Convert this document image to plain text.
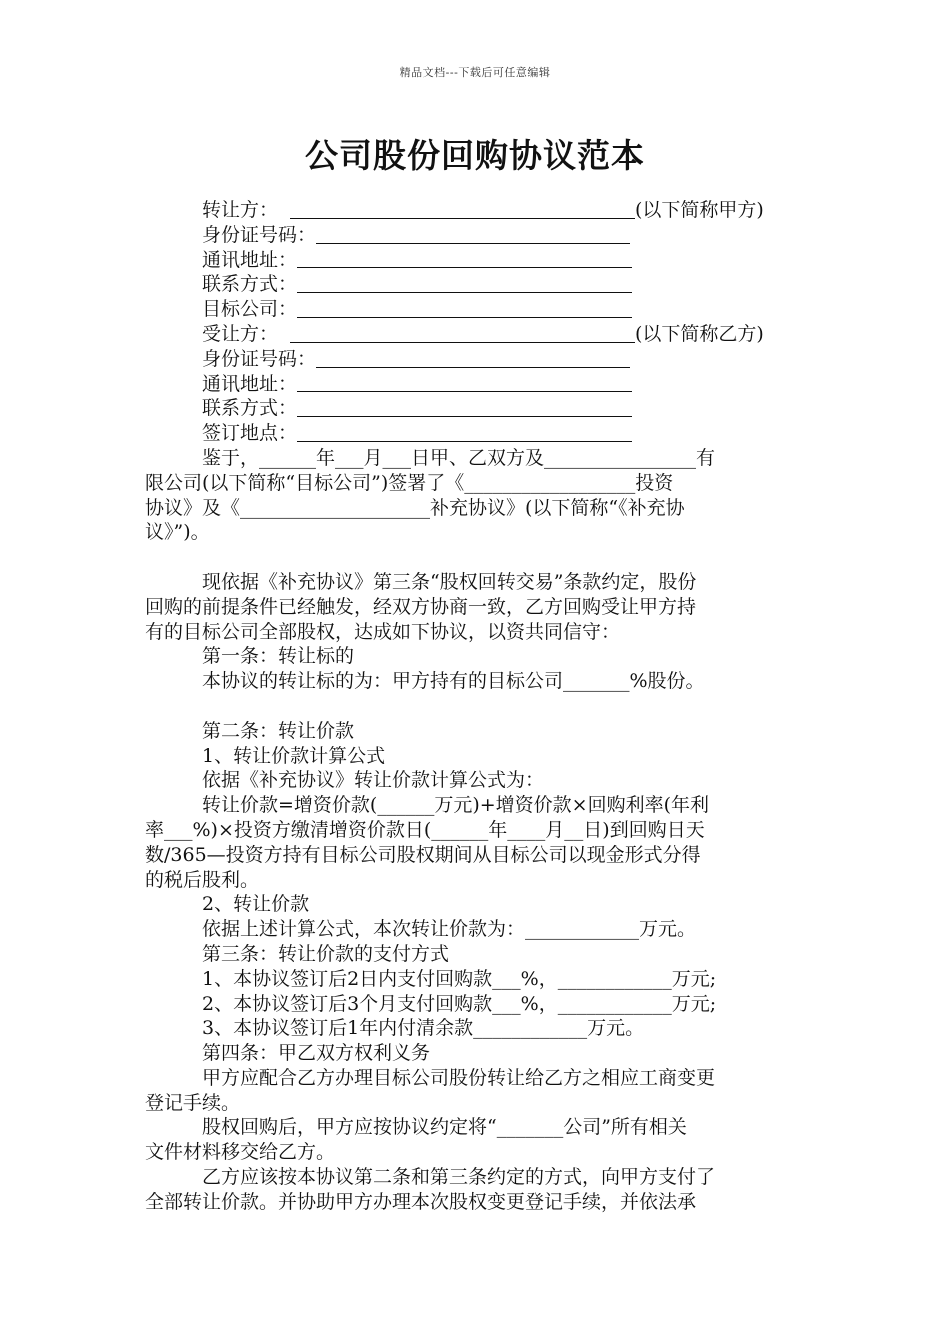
精品文档---下载后可任意编辑
公司股份回购协议范本
转让方：	(以下简称甲方)
身份证号码：
通讯地址：
联系方式：
目标公司：
受让方：	(以下简称乙方)
身份证号码：
通讯地址：
联系方式：
签订地点：
鉴于，______年___月___日甲、乙双方及________________有
限公司(以下简称“目标公司”)签署了《__________________投资
协议》及《____________________补充协议》(以下简称“《补充协
议》”)。
现依据《补充协议》第三条“股权回转交易”条款约定，股份
回购的前提条件已经触发，经双方协商一致，乙方回购受让甲方持
有的目标公司全部股权，达成如下协议，以资共同信守：
第一条：转让标的
本协议的转让标的为：甲方持有的目标公司_______%股份。
第二条：转让价款
1、转让价款计算公式
依据《补充协议》转让价款计算公式为：
转让价款=增资价款(______万元)+增资价款×回购利率(年利
率___%)×投资方缴清增资价款日(______年____月__日)到回购日天
数/365—投资方持有目标公司股权期间从目标公司以现金形式分得
的税后股利。
2、转让价款
依据上述计算公式，本次转让价款为：____________万元。
第三条：转让价款的支付方式
1、本协议签订后2日内支付回购款___%，____________万元;
2、本协议签订后3个月支付回购款___%，____________万元;
3、本协议签订后1年内付清余款____________万元。
第四条：甲乙双方权利义务
甲方应配合乙方办理目标公司股份转让给乙方之相应工商变更
登记手续。
股权回购后，甲方应按协议约定将“_______公司”所有相关
文件材料移交给乙方。
乙方应该按本协议第二条和第三条约定的方式，向甲方支付了
全部转让价款。并协助甲方办理本次股权变更登记手续，并依法承
